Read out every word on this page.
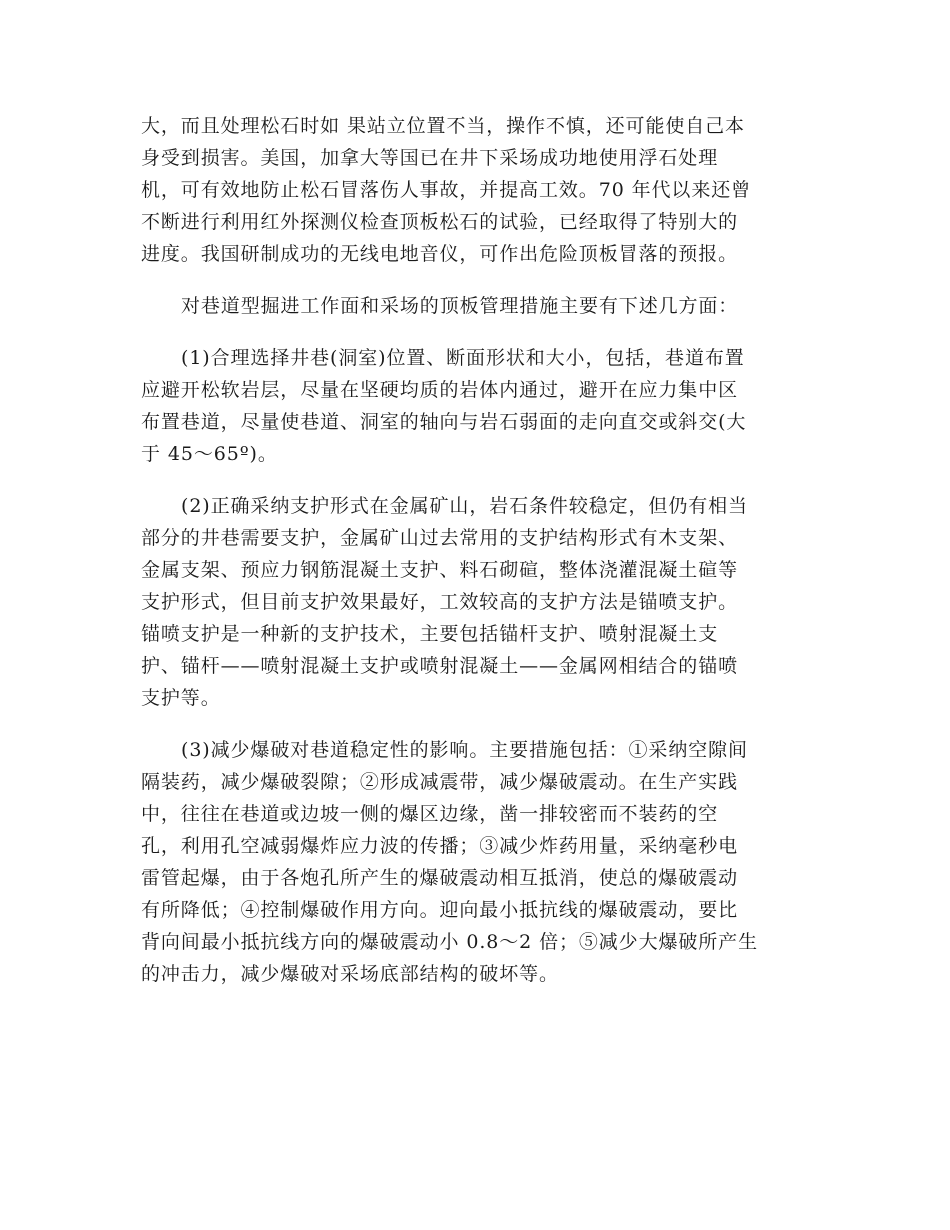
大，而且处理松石时如 果站立位置不当，操作不慎，还可能使自己本
身受到损害。美国，加拿大等国已在井下采场成功地使用浮石处理
机，可有效地防止松石冒落伤人事故，并提高工效。70 年代以来还曾
不断进行利用红外探测仪检查顶板松石的试验，已经取得了特别大的
进度。我国研制成功的无线电地音仪，可作出危险顶板冒落的预报。

对巷道型掘进工作面和采场的顶板管理措施主要有下述几方面：

(1)合理选择井巷(洞室)位置、断面形状和大小，包括，巷道布置
应避开松软岩层，尽量在坚硬均质的岩体内通过，避开在应力集中区
布置巷道，尽量使巷道、洞室的轴向与岩石弱面的走向直交或斜交(大
于 45～65º)。

(2)正确采纳支护形式在金属矿山，岩石条件较稳定，但仍有相当
部分的井巷需要支护，金属矿山过去常用的支护结构形式有木支架、
金属支架、预应力钢筋混凝土支护、料石砌碹，整体浇灌混凝土碹等
支护形式，但目前支护效果最好，工效较高的支护方法是锚喷支护。
锚喷支护是一种新的支护技术，主要包括锚杆支护、喷射混凝土支
护、锚杆——喷射混凝土支护或喷射混凝土——金属网相结合的锚喷
支护等。

(3)减少爆破对巷道稳定性的影响。主要措施包括：①采纳空隙间
隔装药，减少爆破裂隙；②形成减震带，减少爆破震动。在生产实践
中，往往在巷道或边坡一侧的爆区边缘，凿一排较密而不装药的空
孔，利用孔空减弱爆炸应力波的传播；③减少炸药用量，采纳毫秒电
雷管起爆，由于各炮孔所产生的爆破震动相互抵消，使总的爆破震动
有所降低；④控制爆破作用方向。迎向最小抵抗线的爆破震动，要比
背向间最小抵抗线方向的爆破震动小 0.8～2 倍；⑤减少大爆破所产生
的冲击力，减少爆破对采场底部结构的破坏等。
